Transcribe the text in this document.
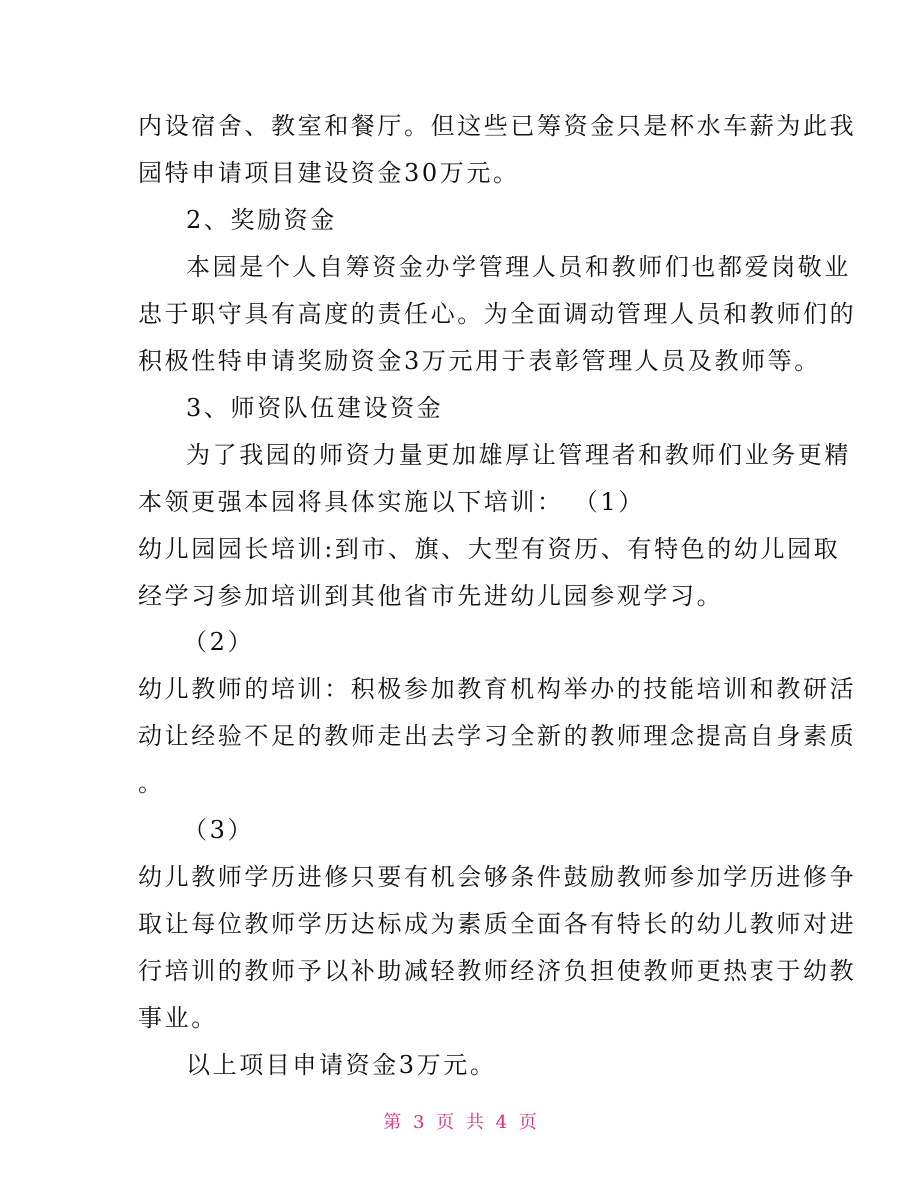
内设宿舍、教室和餐厅。但这些已筹资金只是杯水车薪为此我
园特申请项目建设资金30万元。
2、奖励资金
本园是个人自筹资金办学管理人员和教师们也都爱岗敬业
忠于职守具有高度的责任心。为全面调动管理人员和教师们的
积极性特申请奖励资金3万元用于表彰管理人员及教师等。
3、师资队伍建设资金
为了我园的师资力量更加雄厚让管理者和教师们业务更精
本领更强本园将具体实施以下培训： （1）
幼儿园园长培训:到市、旗、大型有资历、有特色的幼儿园取
经学习参加培训到其他省市先进幼儿园参观学习。
（2）
幼儿教师的培训：积极参加教育机构举办的技能培训和教研活
动让经验不足的教师走出去学习全新的教师理念提高自身素质
。
（3）
幼儿教师学历进修只要有机会够条件鼓励教师参加学历进修争
取让每位教师学历达标成为素质全面各有特长的幼儿教师对进
行培训的教师予以补助减轻教师经济负担使教师更热衷于幼教
事业。
以上项目申请资金3万元。
第 3 页 共 4 页
